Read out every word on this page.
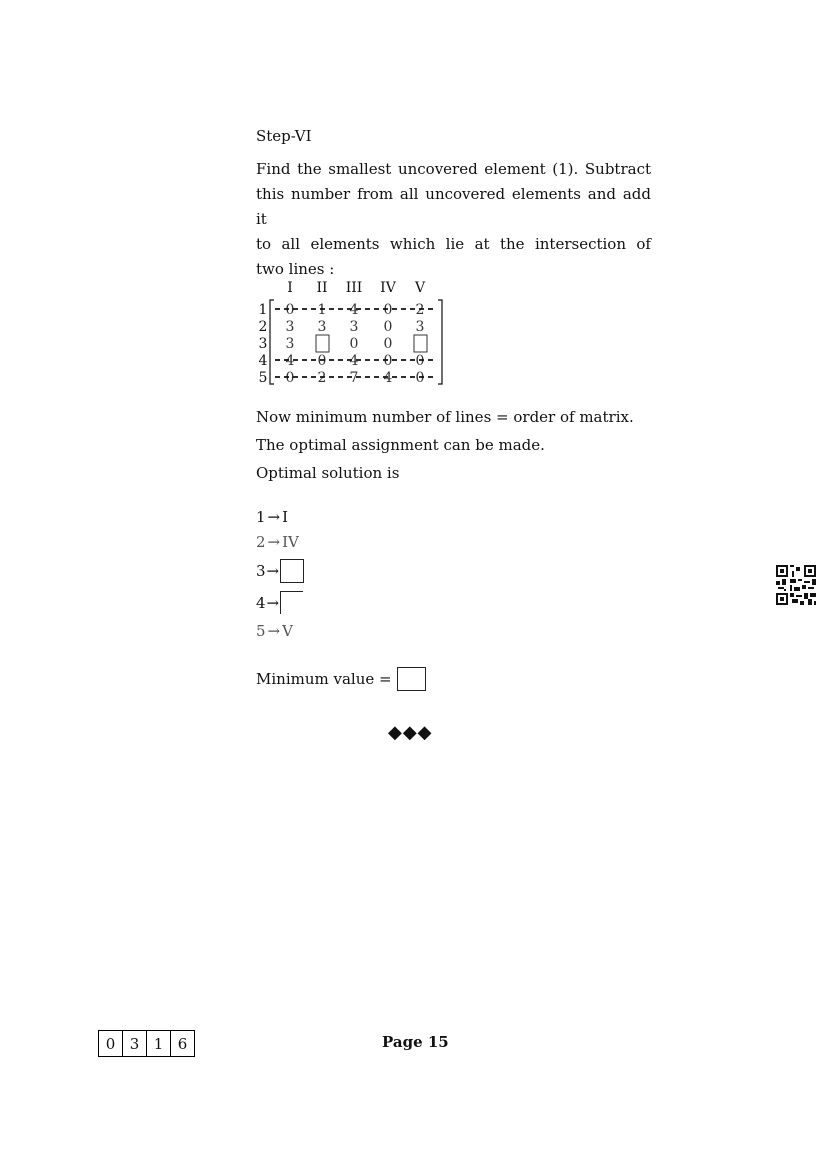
Step-VI
Find the smallest uncovered element (1). Subtract
this number from all uncovered elements and add it
to all elements which lie at the intersection of
two lines :
I II III IV V
1
2
3
4
5
0 1 4 0 2
3 3 3 0 3
3	0 0
4 0 4 0 0
0 2 7 4 0
Now minimum number of lines = order of matrix.
The optimal assignment can be made.
Optimal solution is
1 → I
2 → IV
3 →
4 →
5 → V
Minimum value =
◆◆◆
0 3 1 6	Page 15
